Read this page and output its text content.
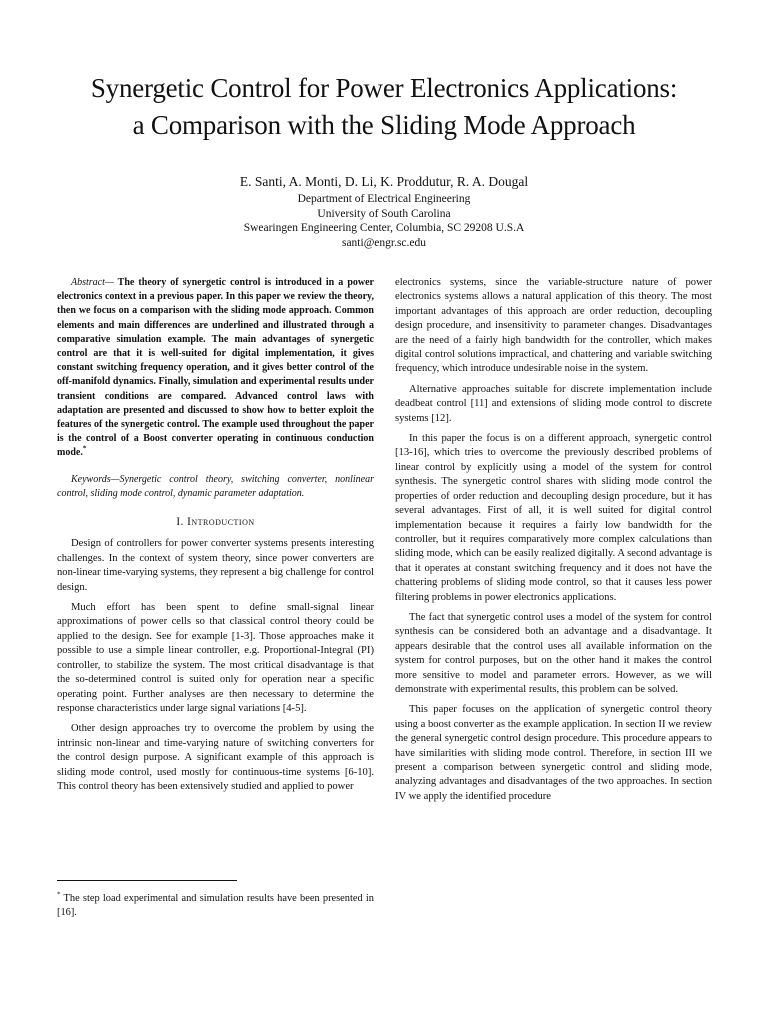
Synergetic Control for Power Electronics Applications:
a Comparison with the Sliding Mode Approach
E. Santi, A. Monti, D. Li, K. Proddutur, R. A. Dougal
Department of Electrical Engineering
University of South Carolina
Swearingen Engineering Center, Columbia, SC 29208 U.S.A
santi@engr.sc.edu

Abstract— The theory of synergetic control is introduced in a power electronics context in a previous paper. In this paper we review the theory, then we focus on a comparison with the sliding mode approach. Common elements and main differences are underlined and illustrated through a comparative simulation example. The main advantages of synergetic control are that it is well-suited for digital implementation, it gives constant switching frequency operation, and it gives better control of the off-manifold dynamics. Finally, simulation and experimental results under transient conditions are compared. Advanced control laws with adaptation are presented and discussed to show how to better exploit the features of the synergetic control. The example used throughout the paper is the control of a Boost converter operating in continuous conduction mode.*

Keywords—Synergetic control theory, switching converter, nonlinear control, sliding mode control, dynamic parameter adaptation.

I. Introduction

Design of controllers for power converter systems presents interesting challenges. In the context of system theory, since power converters are non-linear time-varying systems, they represent a big challenge for control design.

Much effort has been spent to define small-signal linear approximations of power cells so that classical control theory could be applied to the design. See for example [1-3]. Those approaches make it possible to use a simple linear controller, e.g. Proportional-Integral (PI) controller, to stabilize the system. The most critical disadvantage is that the so-determined control is suited only for operation near a specific operating point. Further analyses are then necessary to determine the response characteristics under large signal variations [4-5].

Other design approaches try to overcome the problem by using the intrinsic non-linear and time-varying nature of switching converters for the control design purpose. A significant example of this approach is sliding mode control, used mostly for continuous-time systems [6-10]. This control theory has been extensively studied and applied to power

* The step load experimental and simulation results have been presented in [16].

electronics systems, since the variable-structure nature of power electronics systems allows a natural application of this theory. The most important advantages of this approach are order reduction, decoupling design procedure, and insensitivity to parameter changes. Disadvantages are the need of a fairly high bandwidth for the controller, which makes digital control solutions impractical, and chattering and variable switching frequency, which introduce undesirable noise in the system.

Alternative approaches suitable for discrete implementation include deadbeat control [11] and extensions of sliding mode control to discrete systems [12].

In this paper the focus is on a different approach, synergetic control [13-16], which tries to overcome the previously described problems of linear control by explicitly using a model of the system for control synthesis. The synergetic control shares with sliding mode control the properties of order reduction and decoupling design procedure, but it has several advantages. First of all, it is well suited for digital control implementation because it requires a fairly low bandwidth for the controller, but it requires comparatively more complex calculations than sliding mode, which can be easily realized digitally. A second advantage is that it operates at constant switching frequency and it does not have the chattering problems of sliding mode control, so that it causes less power filtering problems in power electronics applications.

The fact that synergetic control uses a model of the system for control synthesis can be considered both an advantage and a disadvantage. It appears desirable that the control uses all available information on the system for control purposes, but on the other hand it makes the control more sensitive to model and parameter errors. However, as we will demonstrate with experimental results, this problem can be solved.

This paper focuses on the application of synergetic control theory using a boost converter as the example application. In section II we review the general synergetic control design procedure. This procedure appears to have similarities with sliding mode control. Therefore, in section III we present a comparison between synergetic control and sliding mode, analyzing advantages and disadvantages of the two approaches. In section IV we apply the identified procedure
